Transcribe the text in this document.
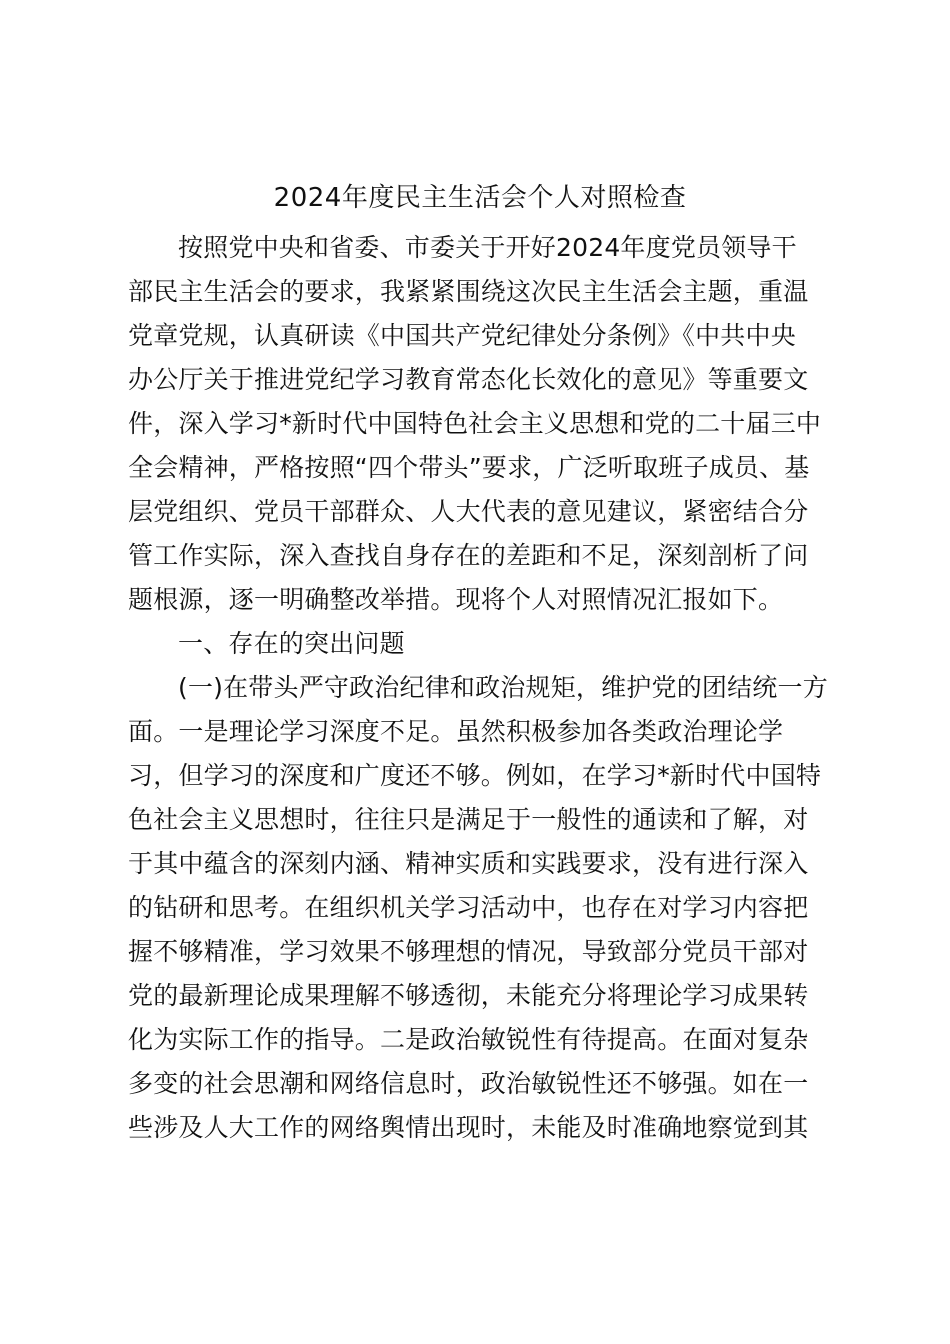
2024年度民主生活会个人对照检查
按照党中央和省委、市委关于开好2024年度党员领导干
部民主生活会的要求，我紧紧围绕这次民主生活会主题，重温
党章党规，认真研读《中国共产党纪律处分条例》《中共中央
办公厅关于推进党纪学习教育常态化长效化的意见》等重要文
件，深入学习*新时代中国特色社会主义思想和党的二十届三中
全会精神，严格按照“四个带头”要求，广泛听取班子成员、基
层党组织、党员干部群众、人大代表的意见建议，紧密结合分
管工作实际，深入查找自身存在的差距和不足，深刻剖析了问
题根源，逐一明确整改举措。现将个人对照情况汇报如下。
一、存在的突出问题
(一)在带头严守政治纪律和政治规矩，维护党的团结统一方
面。一是理论学习深度不足。虽然积极参加各类政治理论学
习，但学习的深度和广度还不够。例如，在学习*新时代中国特
色社会主义思想时，往往只是满足于一般性的通读和了解，对
于其中蕴含的深刻内涵、精神实质和实践要求，没有进行深入
的钻研和思考。在组织机关学习活动中，也存在对学习内容把
握不够精准，学习效果不够理想的情况，导致部分党员干部对
党的最新理论成果理解不够透彻，未能充分将理论学习成果转
化为实际工作的指导。二是政治敏锐性有待提高。在面对复杂
多变的社会思潮和网络信息时，政治敏锐性还不够强。如在一
些涉及人大工作的网络舆情出现时，未能及时准确地察觉到其
